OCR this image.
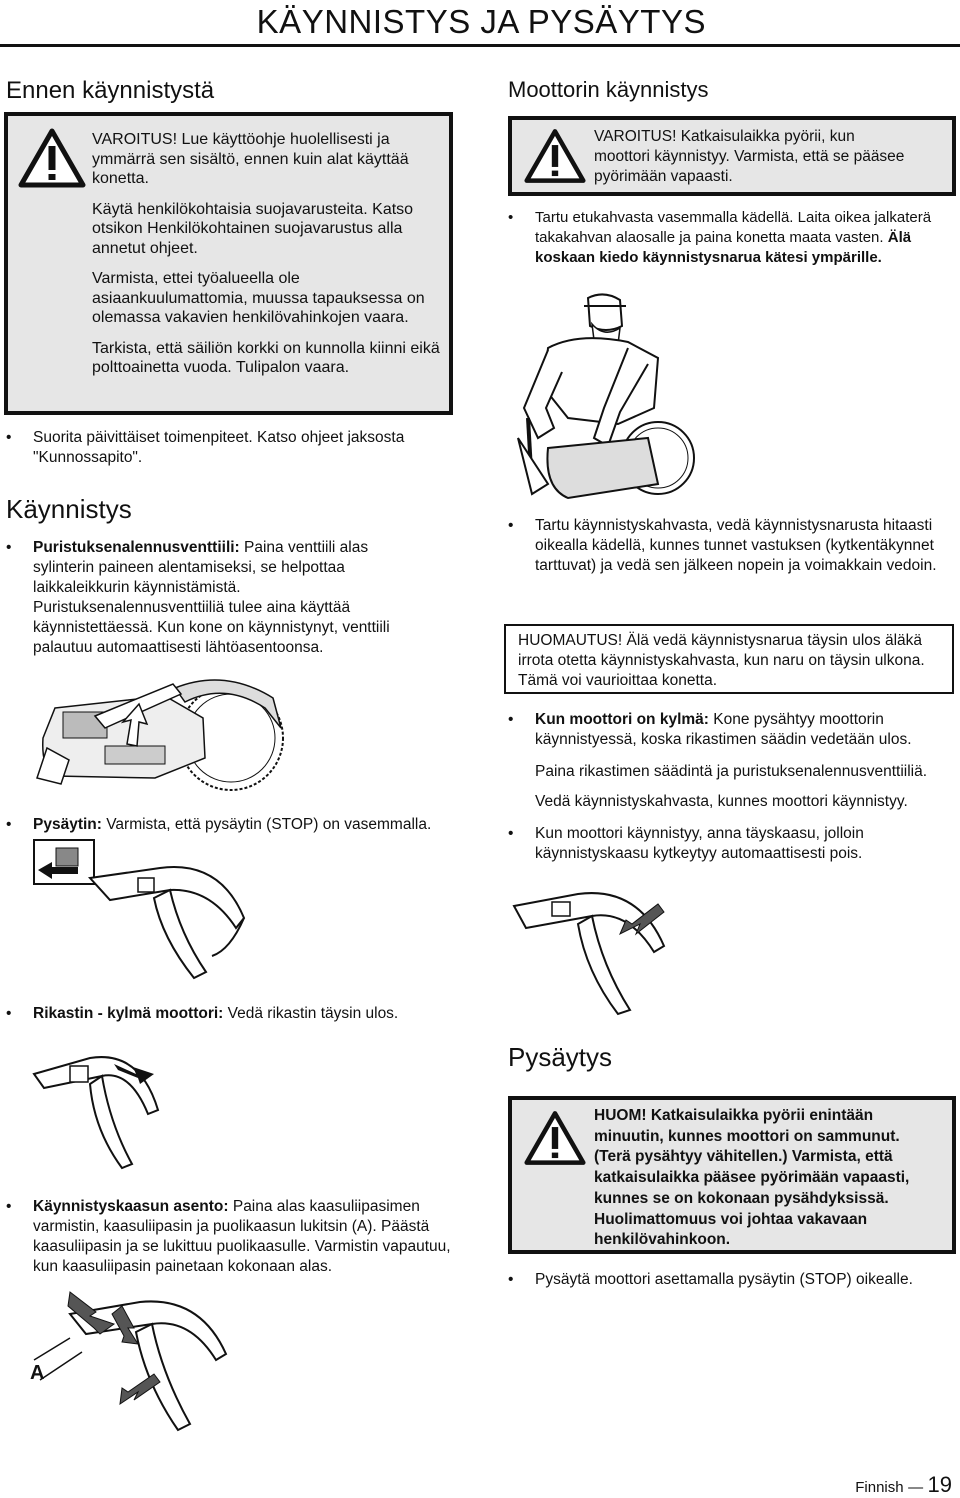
KÄYNNISTYS JA PYSÄYTYS
Ennen käynnistystä

VAROITUS! Lue käyttöohje huolellisesti ja ymmärrä sen sisältö, ennen kuin alat käyttää konetta.

Käytä henkilökohtaisia suojavarusteita. Katso otsikon Henkilökohtainen suojavarustus alla annetut ohjeet.

Varmista, ettei työalueella ole asiaankuulumattomia, muussa tapauksessa on olemassa vakavien henkilövahinkojen vaara.

Tarkista, että säiliön korkki on kunnolla kiinni eikä polttoainetta vuoda. Tulipalon vaara.

• Suorita päivittäiset toimenpiteet. Katso ohjeet jaksosta "Kunnossapito".
Käynnistys
• Puristuksenalennusventtiili: Paina venttiili alas sylinterin paineen alentamiseksi, se helpottaa laikkaleikkurin käynnistämistä. Puristuksenalennusventtiiliä tulee aina käyttää käynnistettäessä. Kun kone on käynnistynyt, venttiili palautuu automaattisesti lähtöasentoonsa.
• Pysäytin: Varmista, että pysäytin (STOP) on vasemmalla.
• Rikastin - kylmä moottori: Vedä rikastin täysin ulos.
• Käynnistyskaasun asento: Paina alas kaasuliipasimen varmistin, kaasuliipasin ja puolikaasun lukitsin (A). Päästä kaasuliipasin ja se lukittuu puolikaasulle. Varmistin vapautuu, kun kaasuliipasin painetaan kokonaan alas.
A
Moottorin käynnistys
VAROITUS! Katkaisulaikka pyörii, kun moottori käynnistyy. Varmista, että se pääsee pyörimään vapaasti.
• Tartu etukahvasta vasemmalla kädellä. Laita oikea jalkaterä takakahvan alaosalle ja paina konetta maata vasten. Älä koskaan kiedo käynnistysnarua kätesi ympärille.
• Tartu käynnistyskahvasta, vedä käynnistysnarusta hitaasti oikealla kädellä, kunnes tunnet vastuksen (kytkentäkynnet tarttuvat) ja vedä sen jälkeen nopein ja voimakkain vedoin.
HUOMAUTUS! Älä vedä käynnistysnarua täysin ulos äläkä irrota otetta käynnistyskahvasta, kun naru on täysin ulkona. Tämä voi vaurioittaa konetta.
• Kun moottori on kylmä: Kone pysähtyy moottorin käynnistyessä, koska rikastimen säädin vedetään ulos.
Paina rikastimen säädintä ja puristuksenalennusventtiiliä.
Vedä käynnistyskahvasta, kunnes moottori käynnistyy.
• Kun moottori käynnistyy, anna täyskaasu, jolloin käynnistyskaasu kytkeytyy automaattisesti pois.
Pysäytys
HUOM! Katkaisulaikka pyörii enintään minuutin, kunnes moottori on sammunut. (Terä pysähtyy vähitellen.) Varmista, että katkaisulaikka pääsee pyörimään vapaasti, kunnes se on kokonaan pysähdyksissä. Huolimattomuus voi johtaa vakavaan henkilövahinkoon.
• Pysäytä moottori asettamalla pysäytin (STOP) oikealle.
Finnish — 19
